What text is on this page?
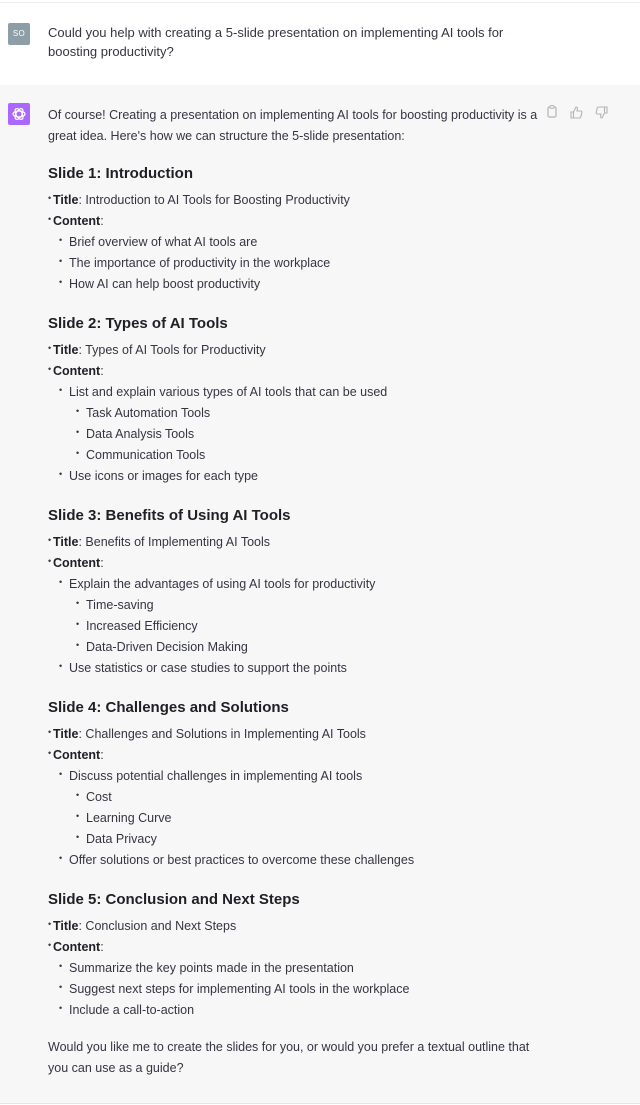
SO	Could you help with creating a 5-slide presentation on implementing AI tools for boosting productivity?

Of course! Creating a presentation on implementing AI tools for boosting productivity is a great idea. Here's how we can structure the 5-slide presentation:

Slide 1: Introduction
• Title: Introduction to AI Tools for Boosting Productivity
• Content:
• Brief overview of what AI tools are
• The importance of productivity in the workplace
• How AI can help boost productivity
Slide 2: Types of AI Tools
• Title: Types of AI Tools for Productivity
• Content:
• List and explain various types of AI tools that can be used
• Task Automation Tools
• Data Analysis Tools
• Communication Tools
• Use icons or images for each type
Slide 3: Benefits of Using AI Tools
• Title: Benefits of Implementing AI Tools
• Content:
• Explain the advantages of using AI tools for productivity
• Time-saving
• Increased Efficiency
• Data-Driven Decision Making
• Use statistics or case studies to support the points
Slide 4: Challenges and Solutions
• Title: Challenges and Solutions in Implementing AI Tools
• Content:
• Discuss potential challenges in implementing AI tools
• Cost
• Learning Curve
• Data Privacy
• Offer solutions or best practices to overcome these challenges
Slide 5: Conclusion and Next Steps
• Title: Conclusion and Next Steps
• Content:
• Summarize the key points made in the presentation
• Suggest next steps for implementing AI tools in the workplace
• Include a call-to-action

Would you like me to create the slides for you, or would you prefer a textual outline that you can use as a guide?
